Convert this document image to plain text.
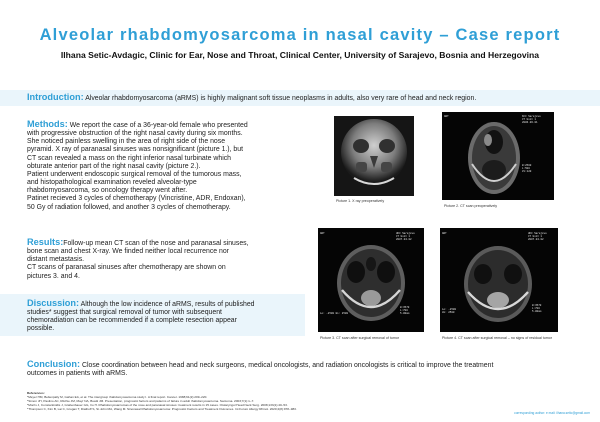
Alveolar rhabdomyosarcoma in nasal cavity – Case report
Ilhana Setic-Avdagic, Clinic for Ear, Nose and Throat, Clinical Center, University of Sarajevo, Bosnia and Herzegovina
Introduction: Alveolar rhabdomyosarcoma (aRMS) is highly malignant soft tissue neoplasms in adults, also very rare of head and neck region.
Methods: We report the case of a 36-year-old female who presented
with progressive obstruction of the right nasal cavity during six months.
She noticed painless swelling in the area of right side of the nose
pyramid. X ray of paranasal sinuses was nonsignificant (picture 1.), but
CT scan revealed a mass on the right inferior nasal turbinate which
obturate anterior part of the right nasal cavity (picture 2.).
Patient underwent endoscopic surgical removal of the tumorous mass,
and histopathological examination reveled alveolar-type
rhabdomyosarcoma, so oncology therapy went after.
Patinet recieved 3 cycles of chemotherapy (Vincristine, ADR, Endoxan),
50 Gy of radiation followed, and another 3 cycles of chemotherapy.
Results:Follow-up mean CT scan of the nose and paranasal sinuses,
bone scan and chest X-ray. We finded neither local recurrence nor
distant metastasis.
CT scans of paranasal sinuses after chemotherapy are shown on
pictures 3. and 4.
Discussion: Although the low incidence of aRMS, results of published
studies* suggest that surgical removal of tumor with subsequent
chemoradiation can be recommended if a complete resection appear
possible.
Conclusion: Close coordination between head and neck surgeons, medical oncologists, and radiation oncologists is critical to improve the treatment
outcomes in patients with aRMS.
Picture 1. X ray preoperatively
ANT	KCC Sarajevo
CT Unit 1
2006.06.01
W:2500
L:500
kV:120
Picture 2. CT scan preoperatively
ANT	UKC Sarajevo
CT Unit 1
2007.04.02
Lo: -2500 Hi: 2500
W:3570
L:700
5.00mm
Picture 3. CT scan after surgical removal of tumor
ANT	UKC Sarajevo
CT Unit 1
2007.04.02
Lo: -2500
Hi: 2500
W:3570
L:700
5.00mm
Picture 4. CT scan after surgical removal – no signs of residual tumor
References:
*Meyer HM, Beltenpally M, Gahan EA, et al. The intergroup rhabdomyosarcoma study I. A final report. Cancer. 1988;61(2):209–220.
*Simon JH, Paulino AC, Ritchie JM, Mayr NA, Buatti JM. Presentation, prognostic factors and patterns of failure in adult rhabdomyosarcoma. Sarcoma. 2003;7(1):1–7.
*Morris J, Constantinidis J, Grabenbauer GG, Iro H. Rhabdomyosarcomas of the nose and paranasal sinuses: treatment results in 15 cases. Otolaryngol Head Neck Surg. 2008;133(1):40–53.
*Thompson C, Kim B, Lai C, Grogan T, Diathoff S, St.John MA, Wang M. Sinonasal Rhabdomyosarcoma: Prognostic Factors and Treatment Outcomes. Int Forum Allergy Rhinol. 2020;2(8):978–983.
corresponding author: e mail: ilhana.setic@gmail.com
